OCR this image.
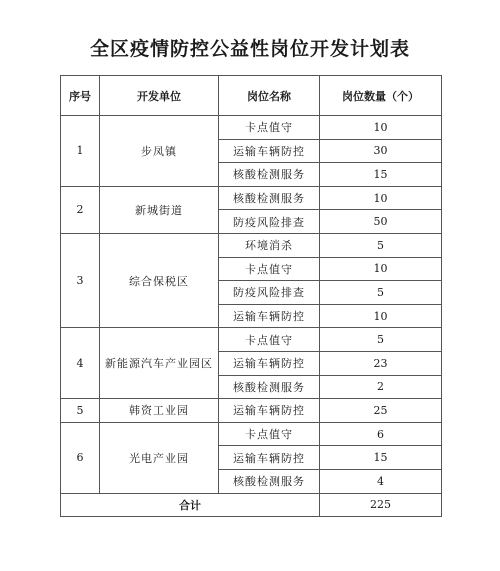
全区疫情防控公益性岗位开发计划表
序号	开发单位	岗位名称	岗位数量（个）
1	步凤镇	卡点值守	10
		运输车辆防控	30
		核酸检测服务	15
2	新城街道	核酸检测服务	10
		防疫风险排查	50
3	综合保税区	环境消杀	5
		卡点值守	10
		防疫风险排查	5
		运输车辆防控	10
4	新能源汽车产业园区	卡点值守	5
		运输车辆防控	23
		核酸检测服务	2
5	韩资工业园	运输车辆防控	25
6	光电产业园	卡点值守	6
		运输车辆防控	15
		核酸检测服务	4
合计			225
